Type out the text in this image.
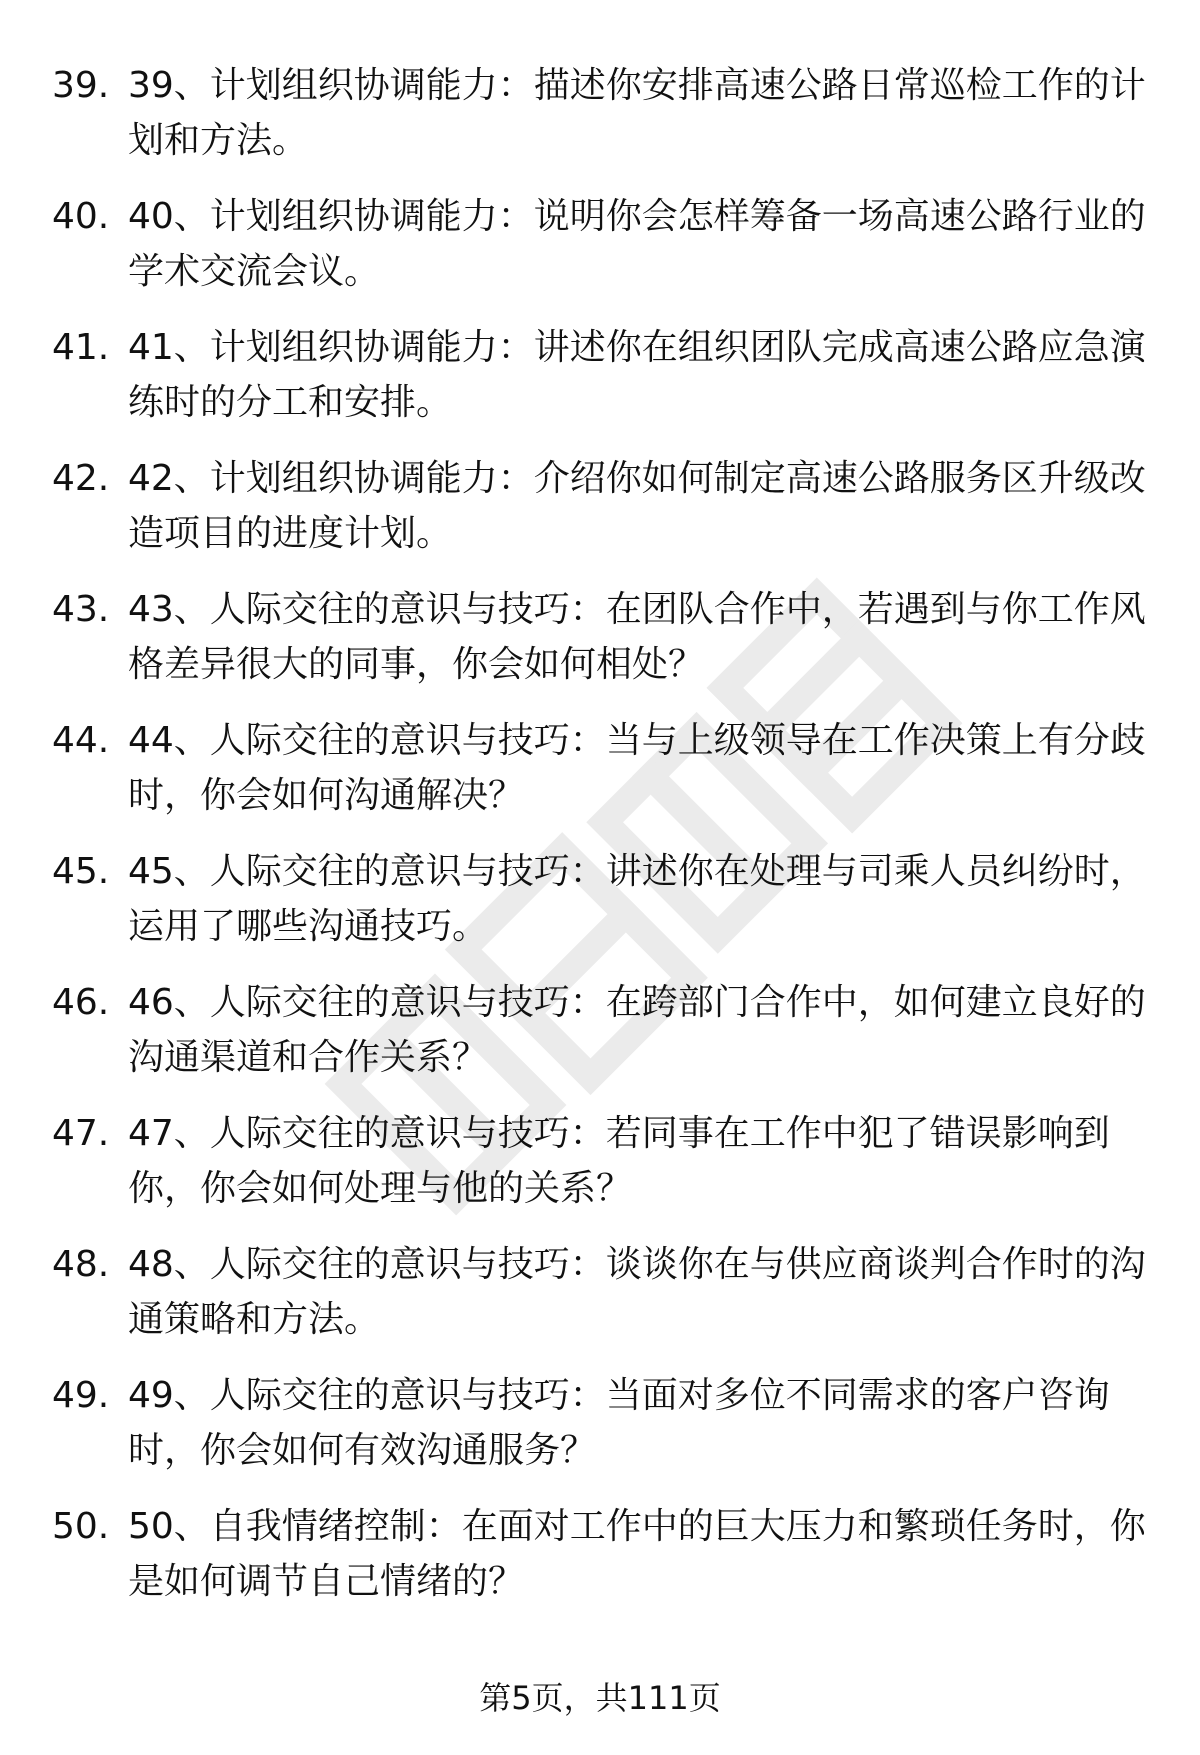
39. 39、计划组织协调能力：描述你安排高速公路日常巡检工作的计划和方法。
40. 40、计划组织协调能力：说明你会怎样筹备一场高速公路行业的学术交流会议。
41. 41、计划组织协调能力：讲述你在组织团队完成高速公路应急演练时的分工和安排。
42. 42、计划组织协调能力：介绍你如何制定高速公路服务区升级改造项目的进度计划。
43. 43、人际交往的意识与技巧：在团队合作中，若遇到与你工作风格差异很大的同事，你会如何相处？
44. 44、人际交往的意识与技巧：当与上级领导在工作决策上有分歧时，你会如何沟通解决？
45. 45、人际交往的意识与技巧：讲述你在处理与司乘人员纠纷时，运用了哪些沟通技巧。
46. 46、人际交往的意识与技巧：在跨部门合作中，如何建立良好的沟通渠道和合作关系？
47. 47、人际交往的意识与技巧：若同事在工作中犯了错误影响到你，你会如何处理与他的关系？
48. 48、人际交往的意识与技巧：谈谈你在与供应商谈判合作时的沟通策略和方法。
49. 49、人际交往的意识与技巧：当面对多位不同需求的客户咨询时，你会如何有效沟通服务？
50. 50、自我情绪控制：在面对工作中的巨大压力和繁琐任务时，你是如何调节自己情绪的？
第5页，共111页
